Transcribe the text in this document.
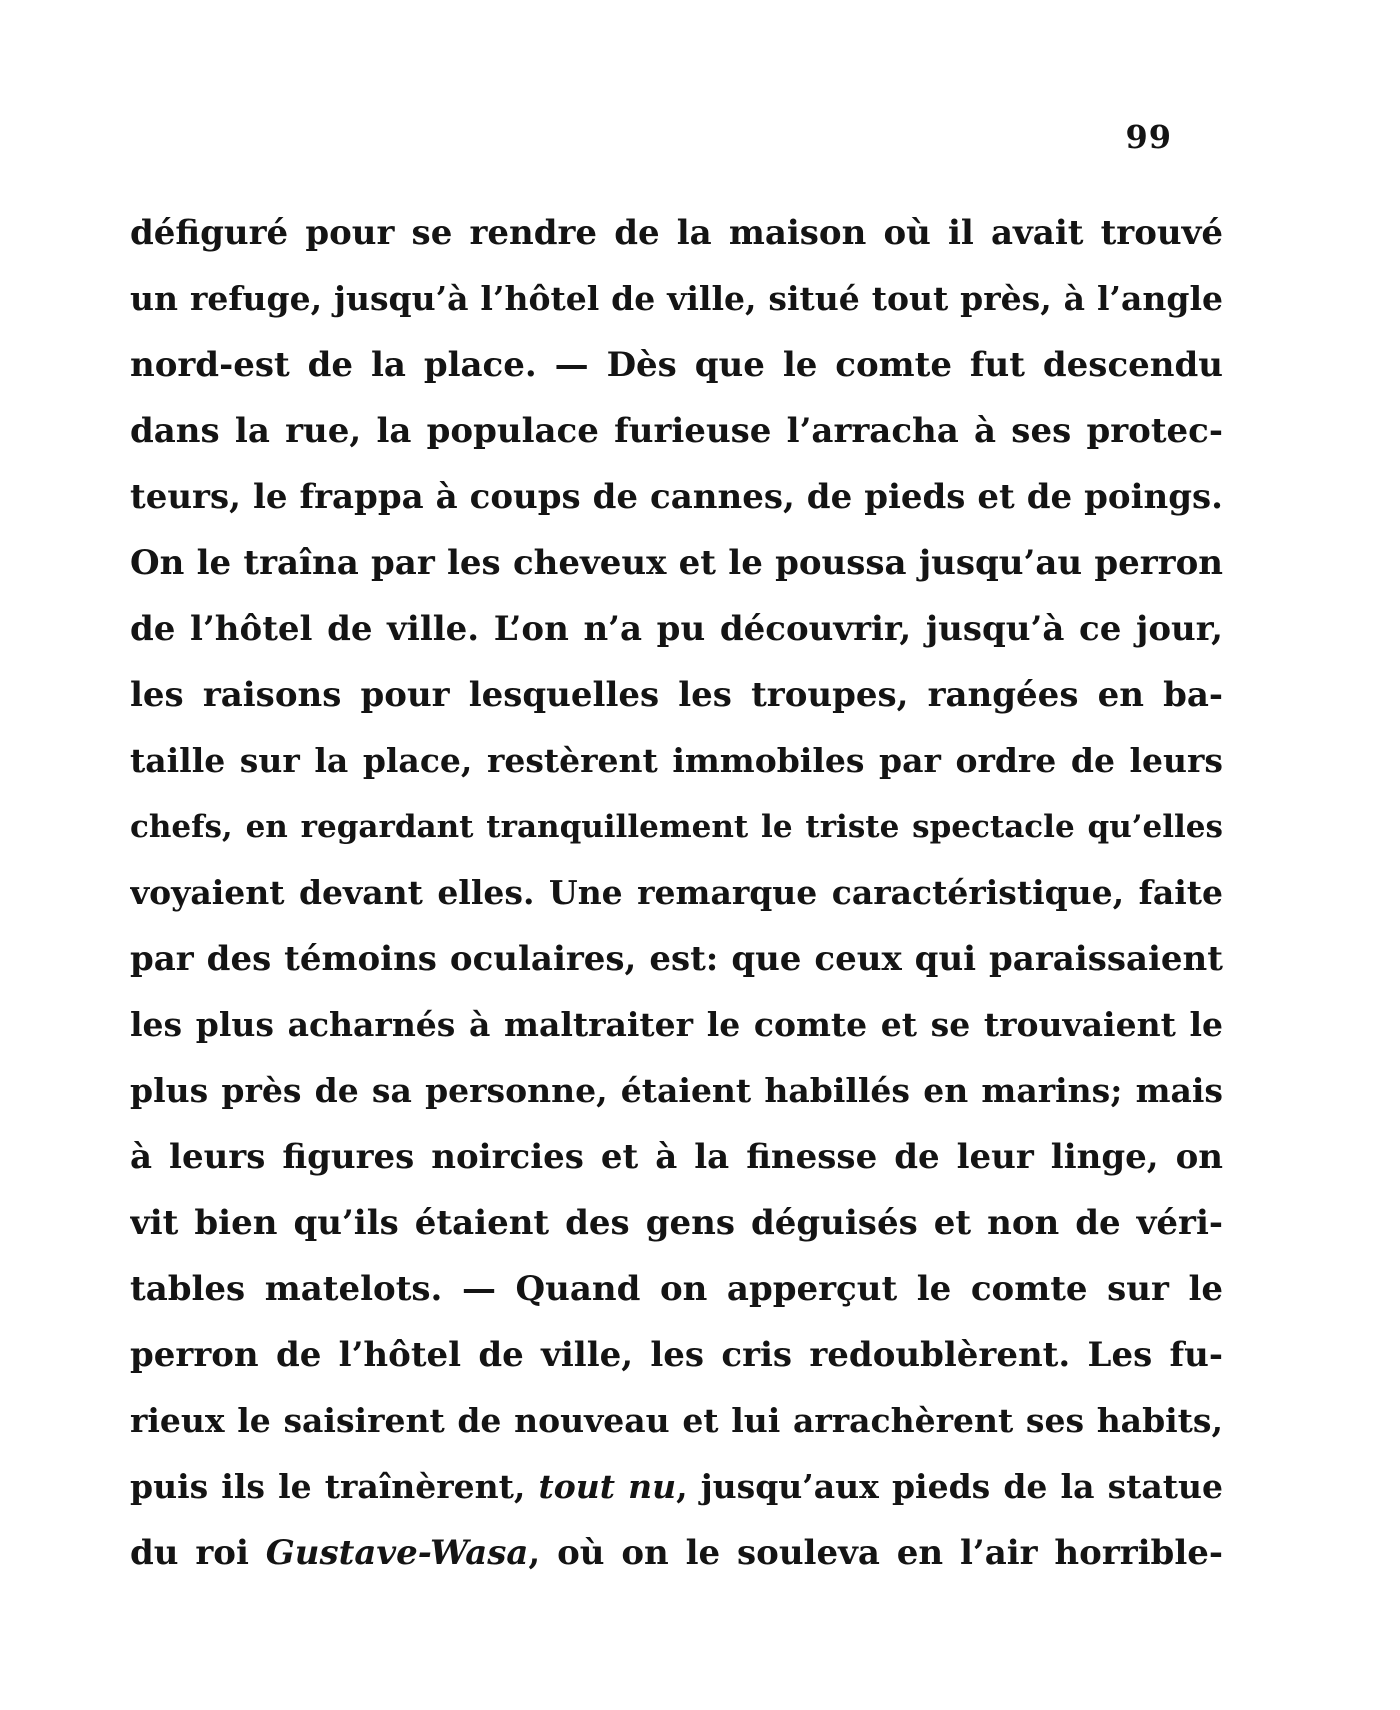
99
défiguré pour se rendre de la maison où il avait trouvé
un refuge, jusqu’à l’hôtel de ville, situé tout près, à l’angle
nord-est de la place. — Dès que le comte fut descendu
dans la rue, la populace furieuse l’arracha à ses protec-
teurs, le frappa à coups de cannes, de pieds et de poings.
On le traîna par les cheveux et le poussa jusqu’au perron
de l’hôtel de ville. L’on n’a pu découvrir, jusqu’à ce jour,
les raisons pour lesquelles les troupes, rangées en ba-
taille sur la place, restèrent immobiles par ordre de leurs
chefs, en regardant tranquillement le triste spectacle qu’elles
voyaient devant elles. Une remarque caractéristique, faite
par des témoins oculaires, est: que ceux qui paraissaient
les plus acharnés à maltraiter le comte et se trouvaient le
plus près de sa personne, étaient habillés en marins; mais
à leurs figures noircies et à la finesse de leur linge, on
vit bien qu’ils étaient des gens déguisés et non de véri-
tables matelots. — Quand on apperçut le comte sur le
perron de l’hôtel de ville, les cris redoublèrent. Les fu-
rieux le saisirent de nouveau et lui arrachèrent ses habits,
puis ils le traînèrent, tout nu, jusqu’aux pieds de la statue
du roi Gustave-Wasa, où on le souleva en l’air horrible-
